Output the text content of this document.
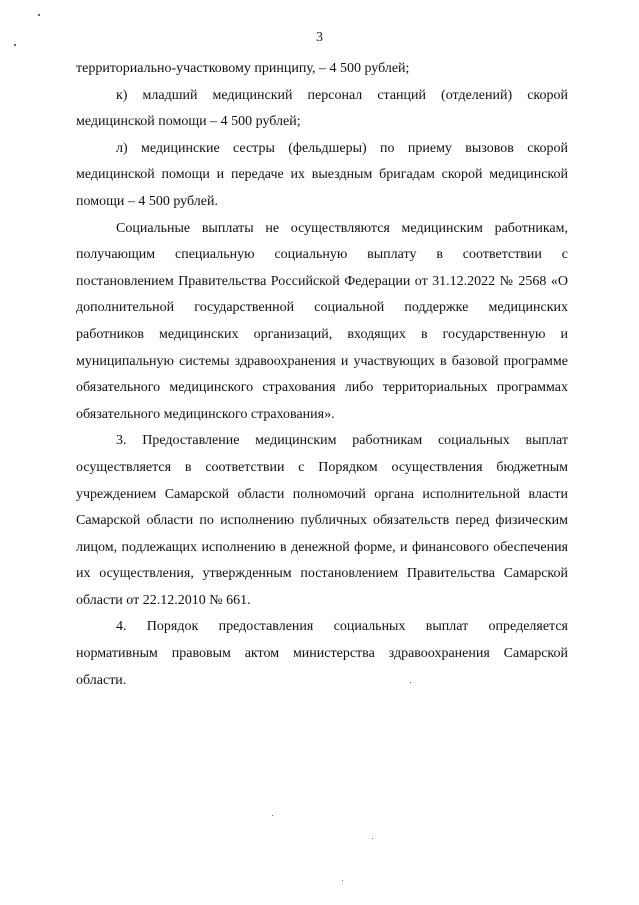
3

территориально-участковому принципу, – 4 500 рублей;

к) младший медицинский персонал станций (отделений) скорой медицинской помощи – 4 500 рублей;

л) медицинские сестры (фельдшеры) по приему вызовов скорой медицинской помощи и передаче их выездным бригадам скорой медицинской помощи – 4 500 рублей.

Социальные выплаты не осуществляются медицинским работникам, получающим специальную социальную выплату в соответствии с постановлением Правительства Российской Федерации от 31.12.2022 № 2568 «О дополнительной государственной социальной поддержке медицинских работников медицинских организаций, входящих в государственную и муниципальную системы здравоохранения и участвующих в базовой программе обязательного медицинского страхования либо территориальных программах обязательного медицинского страхования».

3. Предоставление медицинским работникам социальных выплат осуществляется в соответствии с Порядком осуществления бюджетным учреждением Самарской области полномочий органа исполнительной власти Самарской области по исполнению публичных обязательств перед физическим лицом, подлежащих исполнению в денежной форме, и финансового обеспечения их осуществления, утвержденным постановлением Правительства Самарской области от 22.12.2010 № 661.

4. Порядок предоставления социальных выплат определяется нормативным правовым актом министерства здравоохранения Самарской области.
